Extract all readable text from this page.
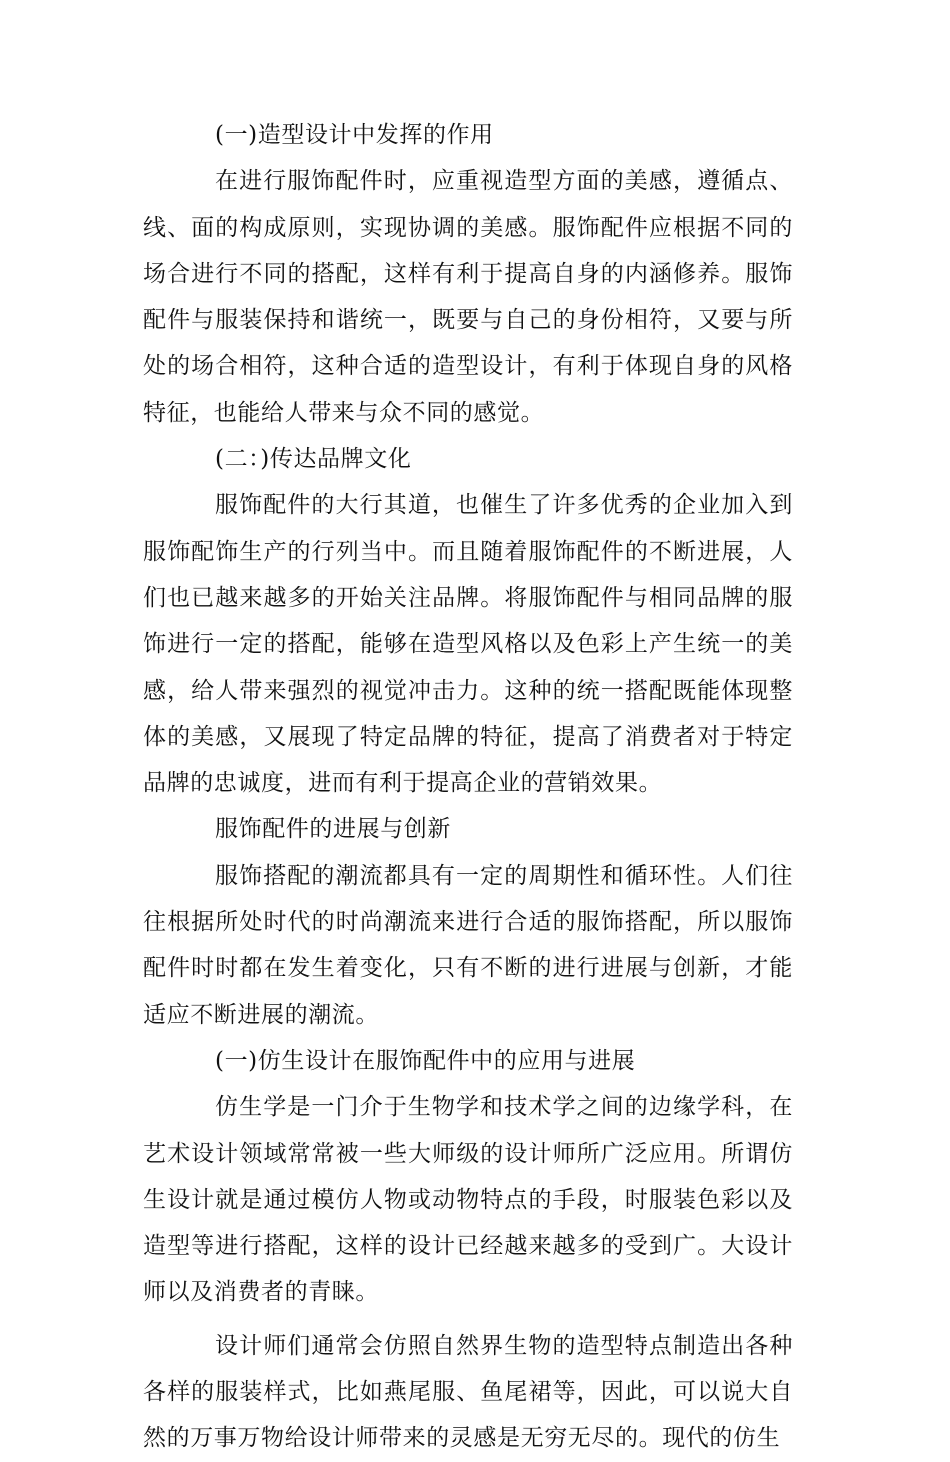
(一)造型设计中发挥的作用

在进行服饰配件时，应重视造型方面的美感，遵循点、线、面的构成原则，实现协调的美感。服饰配件应根据不同的场合进行不同的搭配，这样有利于提高自身的内涵修养。服饰配件与服装保持和谐统一，既要与自己的身份相符，又要与所处的场合相符，这种合适的造型设计，有利于体现自身的风格特征，也能给人带来与众不同的感觉。

(二：)传达品牌文化

服饰配件的大行其道，也催生了许多优秀的企业加入到服饰配饰生产的行列当中。而且随着服饰配件的不断进展，人们也已越来越多的开始关注品牌。将服饰配件与相同品牌的服饰进行一定的搭配，能够在造型风格以及色彩上产生统一的美感，给人带来强烈的视觉冲击力。这种的统一搭配既能体现整体的美感，又展现了特定品牌的特征，提高了消费者对于特定品牌的忠诚度，进而有利于提高企业的营销效果。

服饰配件的进展与创新

服饰搭配的潮流都具有一定的周期性和循环性。人们往往根据所处时代的时尚潮流来进行合适的服饰搭配，所以服饰配件时时都在发生着变化，只有不断的进行进展与创新，才能适应不断进展的潮流。

(一)仿生设计在服饰配件中的应用与进展

仿生学是一门介于生物学和技术学之间的边缘学科，在艺术设计领域常常被一些大师级的设计师所广泛应用。所谓仿生设计就是通过模仿人物或动物特点的手段，时服装色彩以及造型等进行搭配，这样的设计已经越来越多的受到广。大设计师以及消费者的青睐。

设计师们通常会仿照自然界生物的造型特点制造出各种各样的服装样式，比如燕尾服、鱼尾裙等，因此，可以说大自然的万事万物给设计师带来的灵感是无穷无尽的。现代的仿生
